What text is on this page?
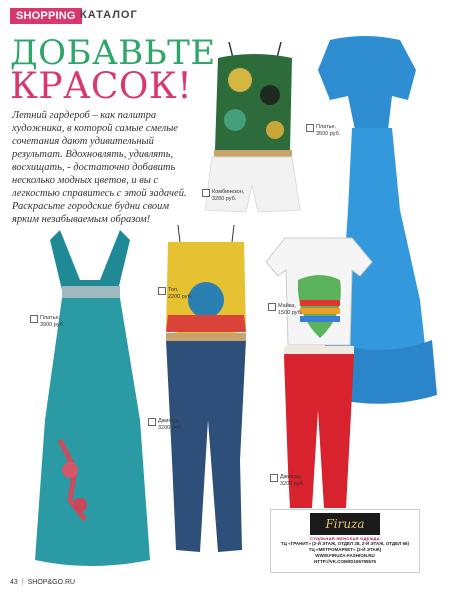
SHOPPING КАТАЛОГ
ДОБАВЬТЕ
КРАСОК!
Летний гардероб – как палитра художника, в которой самые смелые сочетания дают удивительный результат. Вдохновлять, удивлять, восхищать, - достаточно добавить несколько модных цветов, и вы с легкостью справитесь с этой задачей. Раскрасьте городские будни своим ярким незабываемым образом!
Комбинезон,
3200 руб.
Платье,
3500 руб.
Платье,
3900 руб.
Топ,
2200 руб.
Майка,
1500 руб.
Джинсы,
3200 руб.
Джинсы,
3200 руб.
Firuza
СТИЛЬНАЯ ЖЕНСКАЯ ОДЕЖДА
ТЦ «ГРАНИТ» (2-Й ЭТАЖ, ОТДЕЛ 28, 2-Й ЭТАЖ, ОТДЕЛ 66)
ТЦ «МЕТРОМАРКЕТ» (2-Й ЭТАЖ)
WWW.FIRUZA-FASHION.RU
HTTP://VK.COM/ID165795575
43 | SHOP&GO.RU
